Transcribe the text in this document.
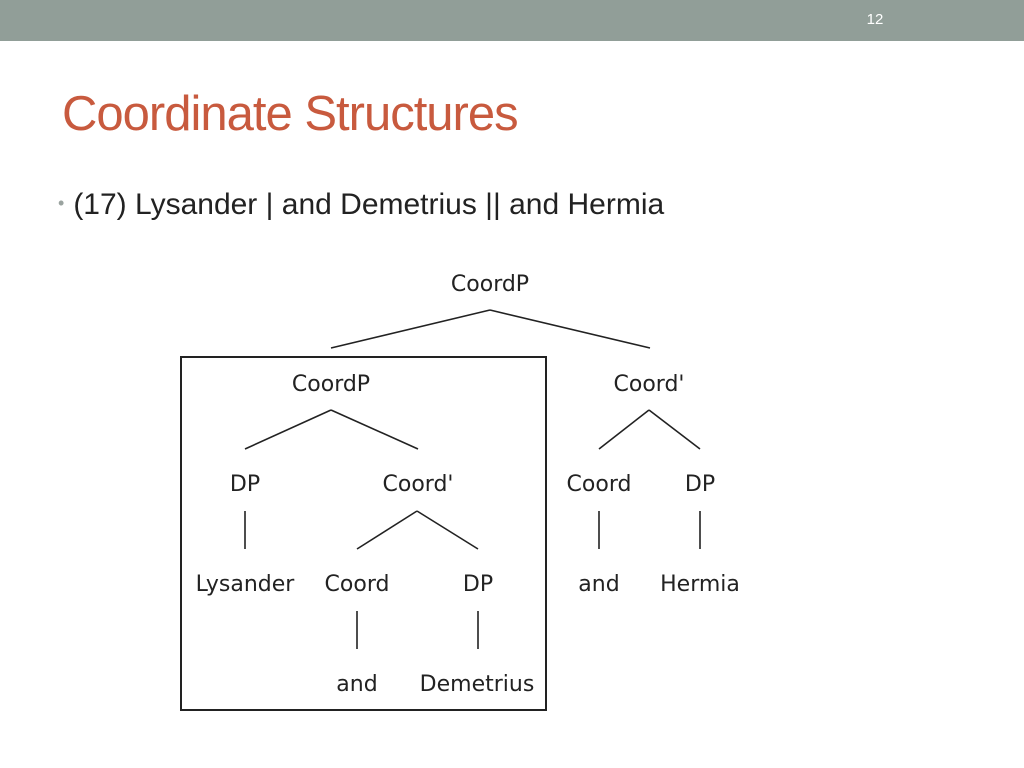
12
Coordinate Structures
• (17) Lysander | and Demetrius || and Hermia
CoordP
CoordP	Coord'
DP	Coord'	Coord DP
Lysander Coord	DP	and Hermia
and Demetrius
